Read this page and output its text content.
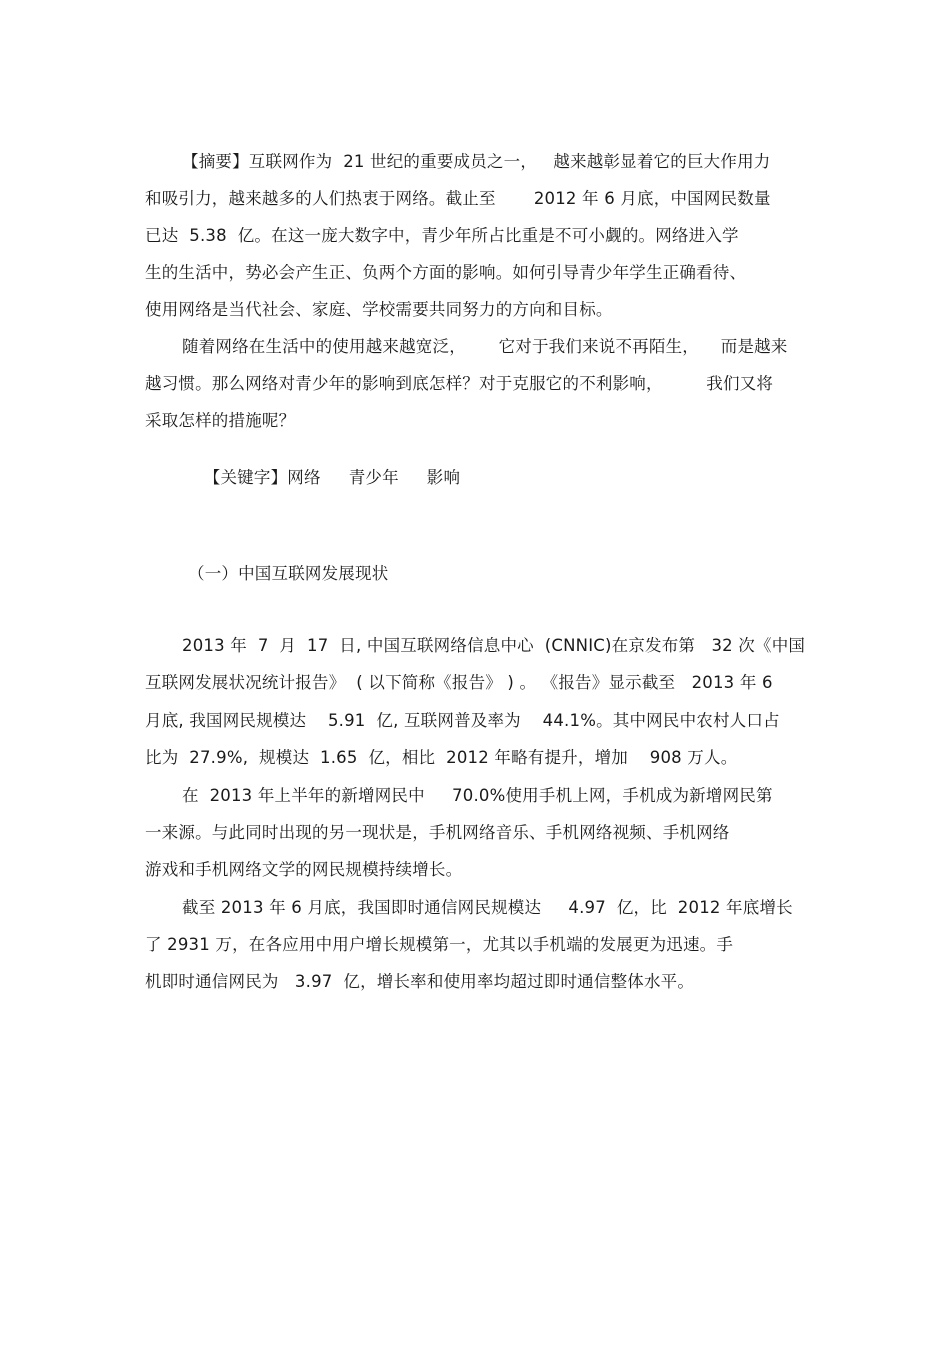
【摘要】互联网作为  21 世纪的重要成员之一，   越来越彰显着它的巨大作用力
和吸引力，越来越多的人们热衷于网络。截止至       2012 年 6 月底，中国网民数量
已达  5.38  亿。在这一庞大数字中，青少年所占比重是不可小觑的。网络进入学
生的生活中，势必会产生正、负两个方面的影响。如何引导青少年学生正确看待、
使用网络是当代社会、家庭、学校需要共同努力的方向和目标。
随着网络在生活中的使用越来越宽泛，      它对于我们来说不再陌生，    而是越来
越习惯。那么网络对青少年的影响到底怎样？对于克服它的不利影响，        我们又将
采取怎样的措施呢？

【关键字】网络 青少年 影响

（一）中国互联网发展现状
2013 年  7  月  17  日, 中国互联网络信息中心  (CNNIC)在京发布第   32 次《中国
互联网发展状况统计报告》  ( 以下简称《报告》 ) 。 《报告》显示截至   2013 年 6
月底, 我国网民规模达    5.91  亿, 互联网普及率为    44.1%。其中网民中农村人口占
比为  27.9%,  规模达  1.65  亿，相比  2012 年略有提升，增加    908 万人。
在  2013 年上半年的新增网民中     70.0%使用手机上网，手机成为新增网民第
一来源。与此同时出现的另一现状是，手机网络音乐、手机网络视频、手机网络
游戏和手机网络文学的网民规模持续增长。
截至 2013 年 6 月底，我国即时通信网民规模达     4.97  亿，比  2012 年底增长
了 2931 万，在各应用中用户增长规模第一，尤其以手机端的发展更为迅速。手
机即时通信网民为   3.97  亿，增长率和使用率均超过即时通信整体水平。
